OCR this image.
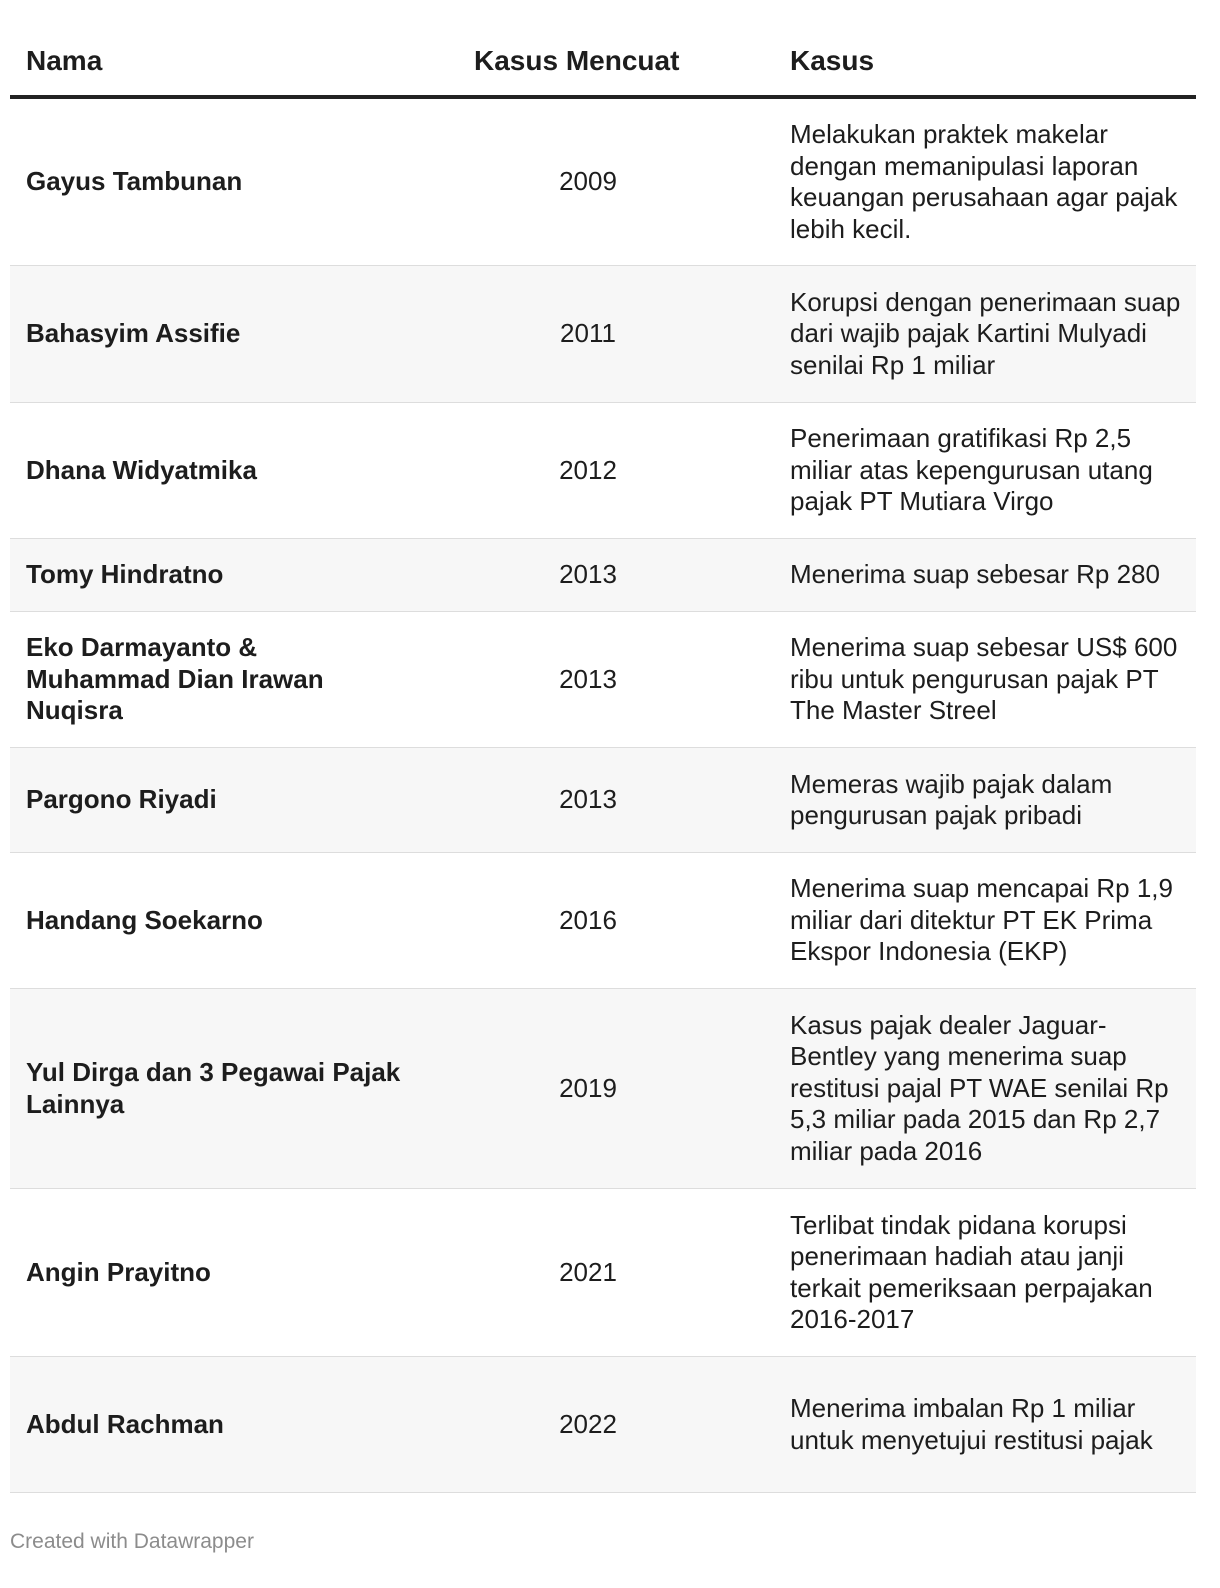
Nama	Kasus Mencuat	Kasus
Gayus Tambunan	2009	Melakukan praktek makelar dengan memanipulasi laporan keuangan perusahaan agar pajak lebih kecil.
Bahasyim Assifie	2011	Korupsi dengan penerimaan suap dari wajib pajak Kartini Mulyadi senilai Rp 1 miliar
Dhana Widyatmika	2012	Penerimaan gratifikasi Rp 2,5 miliar atas kepengurusan utang pajak PT Mutiara Virgo
Tomy Hindratno	2013	Menerima suap sebesar Rp 280
Eko Darmayanto & Muhammad Dian Irawan Nuqisra	2013	Menerima suap sebesar US$ 600 ribu untuk pengurusan pajak PT The Master Streel
Pargono Riyadi	2013	Memeras wajib pajak dalam pengurusan pajak pribadi
Handang Soekarno	2016	Menerima suap mencapai Rp 1,9 miliar dari ditektur PT EK Prima Ekspor Indonesia (EKP)
Yul Dirga dan 3 Pegawai Pajak Lainnya	2019	Kasus pajak dealer Jaguar-Bentley yang menerima suap restitusi pajal PT WAE senilai Rp 5,3 miliar pada 2015 dan Rp 2,7 miliar pada 2016
Angin Prayitno	2021	Terlibat tindak pidana korupsi penerimaan hadiah atau janji terkait pemeriksaan perpajakan 2016-2017
Abdul Rachman	2022	Menerima imbalan Rp 1 miliar untuk menyetujui restitusi pajak
Created with Datawrapper
